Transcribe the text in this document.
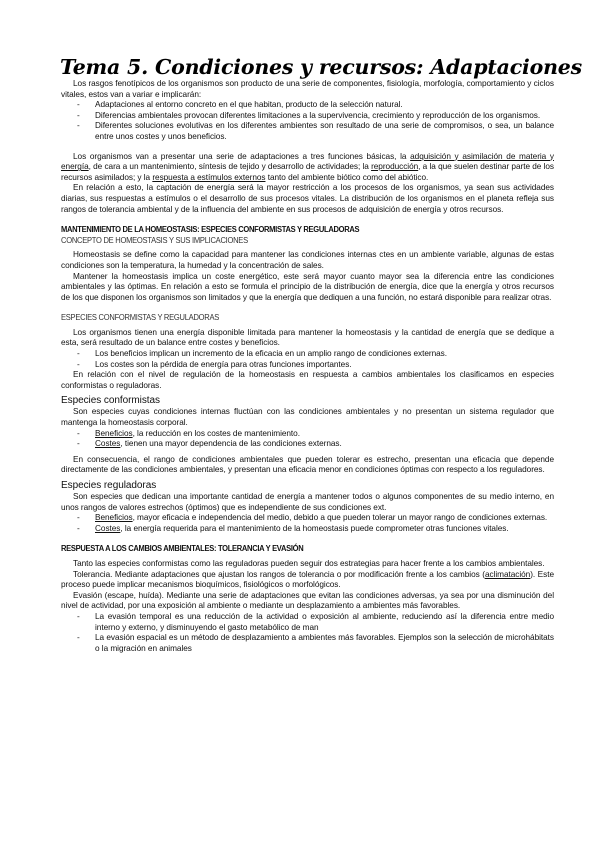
Tema 5. Condiciones y recursos: Adaptaciones

Los rasgos fenotípicos de los organismos son producto de una serie de componentes, fisiología, morfología, comportamiento y ciclos vitales, estos van a variar e implicarán:

- Adaptaciones al entorno concreto en el que habitan, producto de la selección natural.
- Diferencias ambientales provocan diferentes limitaciones a la supervivencia, crecimiento y reproducción de los organismos.
- Diferentes soluciones evolutivas en los diferentes ambientes son resultado de una serie de compromisos, o sea, un balance entre unos costes y unos beneficios.

Los organismos van a presentar una serie de adaptaciones a tres funciones básicas, la adquisición y asimilación de materia y energía, de cara a un mantenimiento, síntesis de tejido y desarrollo de actividades; la reproducción, a la que suelen destinar parte de los recursos asimilados; y la respuesta a estímulos externos tanto del ambiente biótico como del abiótico.

En relación a esto, la captación de energía será la mayor restricción a los procesos de los organismos, ya sean sus actividades diarias, sus respuestas a estímulos o el desarrollo de sus procesos vitales. La distribución de los organismos en el planeta refleja sus rangos de tolerancia ambiental y de la influencia del ambiente en sus procesos de adquisición de energía y otros recursos.

MANTENIMIENTO DE LA HOMEOSTASIS: ESPECIES CONFORMISTAS Y REGULADORAS
CONCEPTO DE HOMEOSTASIS Y SUS IMPLICACIONES

Homeostasis se define como la capacidad para mantener las condiciones internas ctes en un ambiente variable, algunas de estas condiciones son la temperatura, la humedad y la concentración de sales.

Mantener la homeostasis implica un coste energético, este será mayor cuanto mayor sea la diferencia entre las condiciones ambientales y las óptimas. En relación a esto se formula el principio de la distribución de energía, dice que la energía y otros recursos de los que disponen los organismos son limitados y que la energía que dediquen a una función, no estará disponible para realizar otras.

ESPECIES CONFORMISTAS Y REGULADORAS

Los organismos tienen una energía disponible limitada para mantener la homeostasis y la cantidad de energía que se dedique a esta, será resultado de un balance entre costes y beneficios.

- Los beneficios implican un incremento de la eficacia en un amplio rango de condiciones externas.
- Los costes son la pérdida de energía para otras funciones importantes.

En relación con el nivel de regulación de la homeostasis en respuesta a cambios ambientales los clasificamos en especies conformistas o reguladoras.

Especies conformistas

Son especies cuyas condiciones internas fluctúan con las condiciones ambientales y no presentan un sistema regulador que mantenga la homeostasis corporal.

- Beneficios, la reducción en los costes de mantenimiento.
- Costes, tienen una mayor dependencia de las condiciones externas.

En consecuencia, el rango de condiciones ambientales que pueden tolerar es estrecho, presentan una eficacia que depende directamente de las condiciones ambientales, y presentan una eficacia menor en condiciones óptimas con respecto a los reguladores.

Especies reguladoras

Son especies que dedican una importante cantidad de energía a mantener todos o algunos componentes de su medio interno, en unos rangos de valores estrechos (óptimos) que es independiente de sus condiciones ext.

- Beneficios, mayor eficacia e independencia del medio, debido a que pueden tolerar un mayor rango de condiciones externas.
- Costes, la energía requerida para el mantenimiento de la homeostasis puede comprometer otras funciones vitales.
RESPUESTA A LOS CAMBIOS AMBIENTALES: TOLERANCIA Y EVASIÓN

Tanto las especies conformistas como las reguladoras pueden seguir dos estrategias para hacer frente a los cambios ambientales.

Tolerancia. Mediante adaptaciones que ajustan los rangos de tolerancia o por modificación frente a los cambios (aclimatación). Este proceso puede implicar mecanismos bioquímicos, fisiológicos o morfológicos.

Evasión (escape, huída). Mediante una serie de adaptaciones que evitan las condiciones adversas, ya sea por una disminución del nivel de actividad, por una exposición al ambiente o mediante un desplazamiento a ambientes más favorables.

- La evasión temporal es una reducción de la actividad o exposición al ambiente, reduciendo así la diferencia entre medio interno y externo, y disminuyendo el gasto metabólico de man
- La evasión espacial es un método de desplazamiento a ambientes más favorables. Ejemplos son la selección de microhábitats o la migración en animales
